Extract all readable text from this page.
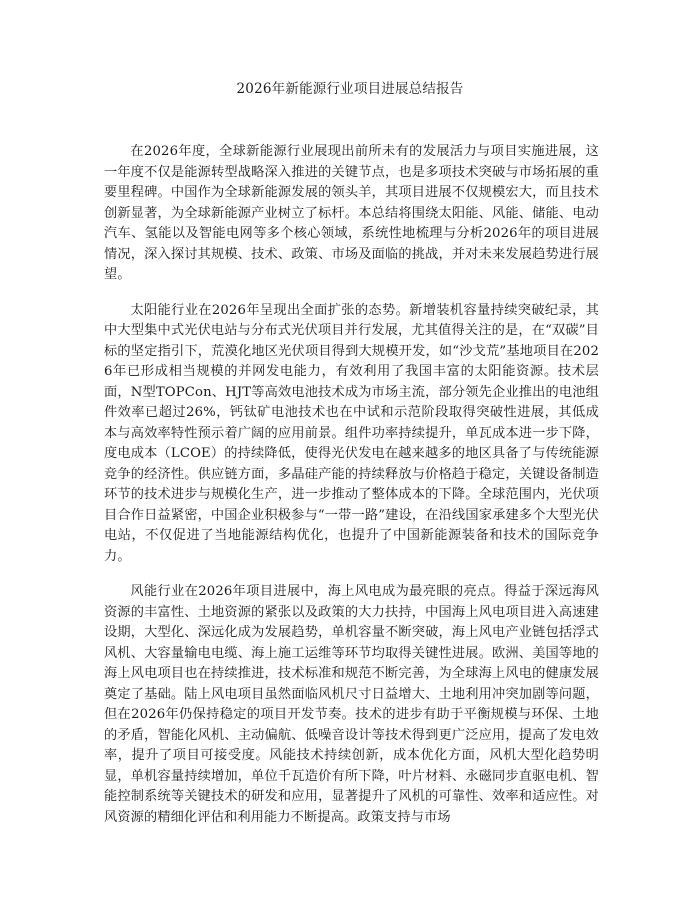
2026年新能源行业项目进展总结报告

在2026年度，全球新能源行业展现出前所未有的发展活力与项目实施进展，这一年度不仅是能源转型战略深入推进的关键节点，也是多项技术突破与市场拓展的重要里程碑。中国作为全球新能源发展的领头羊，其项目进展不仅规模宏大，而且技术创新显著，为全球新能源产业树立了标杆。本总结将围绕太阳能、风能、储能、电动汽车、氢能以及智能电网等多个核心领域，系统性地梳理与分析2026年的项目进展情况，深入探讨其规模、技术、政策、市场及面临的挑战，并对未来发展趋势进行展望。

太阳能行业在2026年呈现出全面扩张的态势。新增装机容量持续突破纪录，其中大型集中式光伏电站与分布式光伏项目并行发展，尤其值得关注的是，在“双碳”目标的坚定指引下，荒漠化地区光伏项目得到大规模开发，如“沙戈荒”基地项目在2026年已形成相当规模的并网发电能力，有效利用了我国丰富的太阳能资源。技术层面，N型TOPCon、HJT等高效电池技术成为市场主流，部分领先企业推出的电池组件效率已超过26%，钙钛矿电池技术也在中试和示范阶段取得突破性进展，其低成本与高效率特性预示着广阔的应用前景。组件功率持续提升，单瓦成本进一步下降，度电成本（LCOE）的持续降低，使得光伏发电在越来越多的地区具备了与传统能源竞争的经济性。供应链方面，多晶硅产能的持续释放与价格趋于稳定，关键设备制造环节的技术进步与规模化生产，进一步推动了整体成本的下降。全球范围内，光伏项目合作日益紧密，中国企业积极参与“一带一路”建设，在沿线国家承建多个大型光伏电站，不仅促进了当地能源结构优化，也提升了中国新能源装备和技术的国际竞争力。

风能行业在2026年项目进展中，海上风电成为最亮眼的亮点。得益于深远海风资源的丰富性、土地资源的紧张以及政策的大力扶持，中国海上风电项目进入高速建设期，大型化、深远化成为发展趋势，单机容量不断突破，海上风电产业链包括浮式风机、大容量输电电缆、海上施工运维等环节均取得关键性进展。欧洲、美国等地的海上风电项目也在持续推进，技术标准和规范不断完善，为全球海上风电的健康发展奠定了基础。陆上风电项目虽然面临风机尺寸日益增大、土地利用冲突加剧等问题，但在2026年仍保持稳定的项目开发节奏。技术的进步有助于平衡规模与环保、土地的矛盾，智能化风机、主动偏航、低噪音设计等技术得到更广泛应用，提高了发电效率，提升了项目可接受度。风能技术持续创新，成本优化方面，风机大型化趋势明显，单机容量持续增加，单位千瓦造价有所下降，叶片材料、永磁同步直驱电机、智能控制系统等关键技术的研发和应用，显著提升了风机的可靠性、效率和适应性。对风资源的精细化评估和利用能力不断提高。政策支持与市场
